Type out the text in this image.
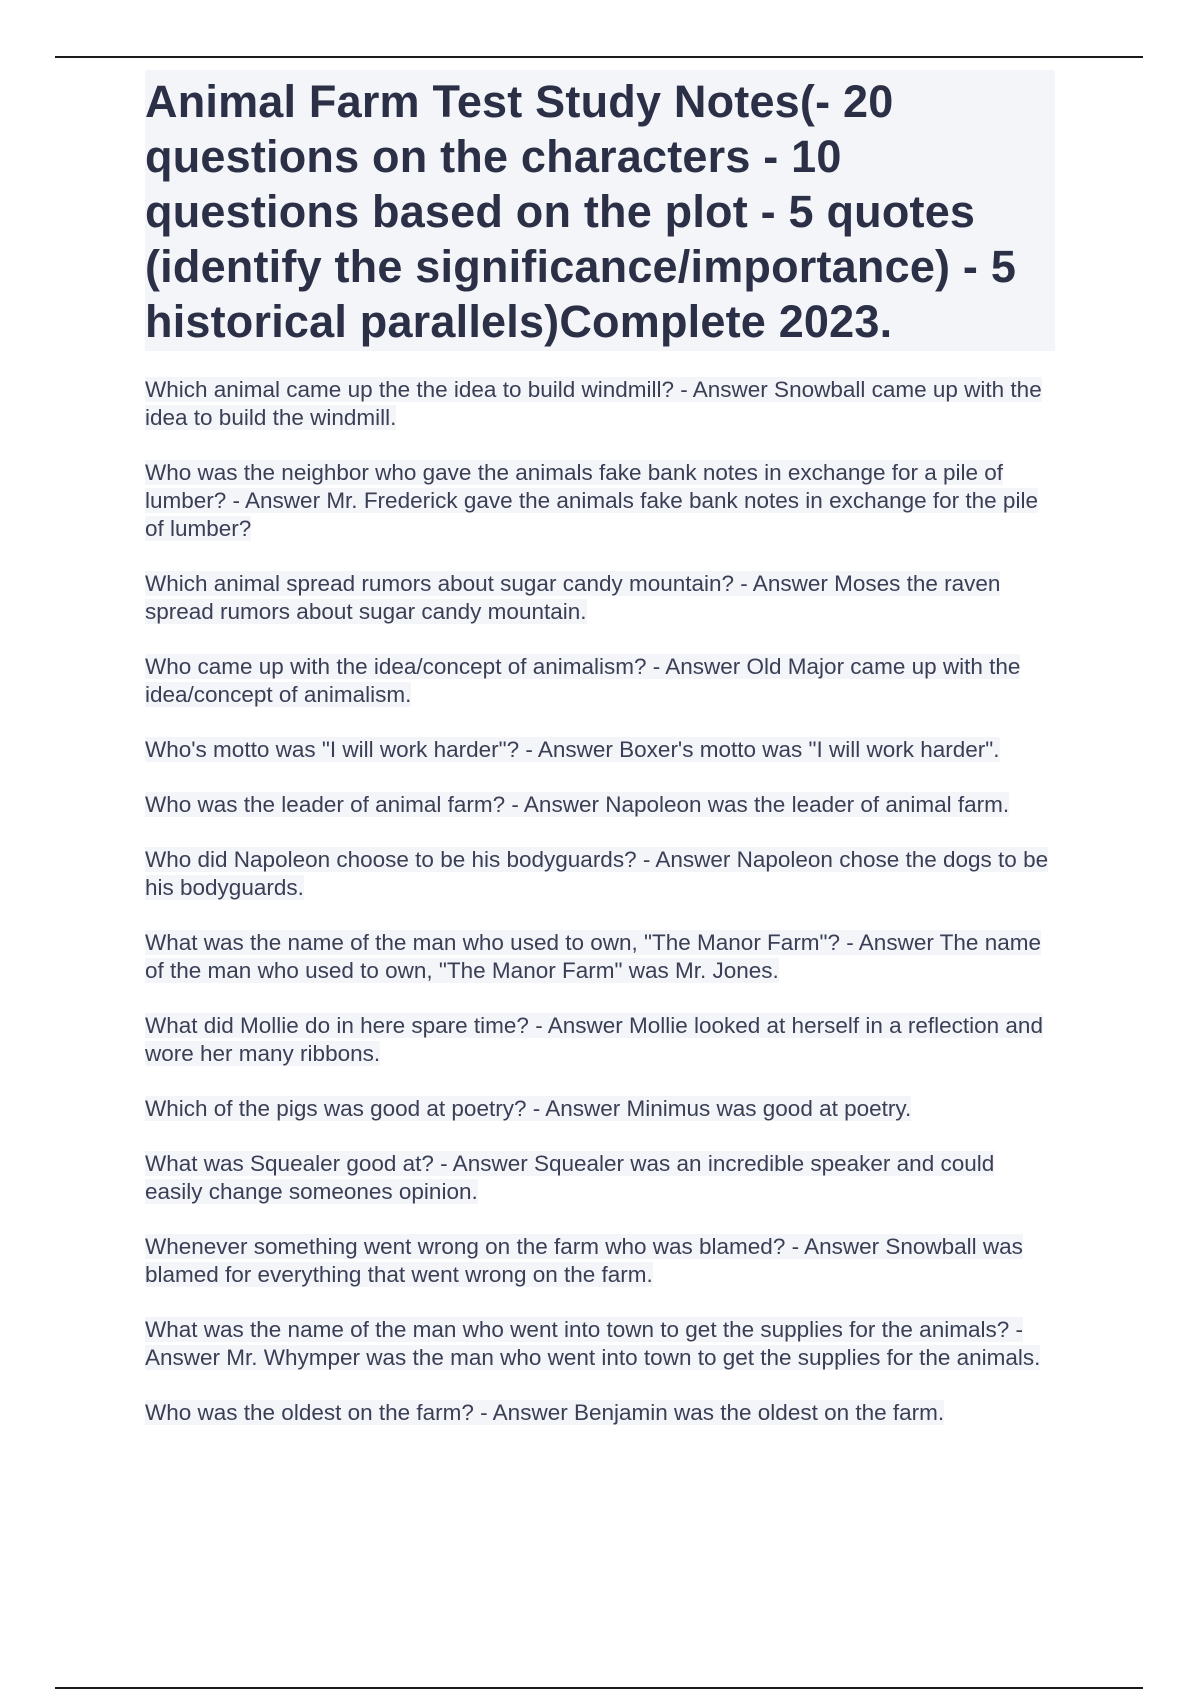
Animal Farm Test Study Notes(- 20 questions on the characters - 10 questions based on the plot - 5 quotes (identify the significance/importance) - 5 historical parallels)Complete 2023.

Which animal came up the the idea to build windmill? - Answer Snowball came up with the idea to build the windmill.

Who was the neighbor who gave the animals fake bank notes in exchange for a pile of lumber? - Answer Mr. Frederick gave the animals fake bank notes in exchange for the pile of lumber?

Which animal spread rumors about sugar candy mountain? - Answer Moses the raven spread rumors about sugar candy mountain.

Who came up with the idea/concept of animalism? - Answer Old Major came up with the idea/concept of animalism.

Who's motto was "I will work harder"? - Answer Boxer's motto was "I will work harder".

Who was the leader of animal farm? - Answer Napoleon was the leader of animal farm.

Who did Napoleon choose to be his bodyguards? - Answer Napoleon chose the dogs to be his bodyguards.

What was the name of the man who used to own, "The Manor Farm"? - Answer The name of the man who used to own, "The Manor Farm" was Mr. Jones.

What did Mollie do in here spare time? - Answer Mollie looked at herself in a reflection and wore her many ribbons.

Which of the pigs was good at poetry? - Answer Minimus was good at poetry.

What was Squealer good at? - Answer Squealer was an incredible speaker and could easily change someones opinion.

Whenever something went wrong on the farm who was blamed? - Answer Snowball was blamed for everything that went wrong on the farm.

What was the name of the man who went into town to get the supplies for the animals? - Answer Mr. Whymper was the man who went into town to get the supplies for the animals.

Who was the oldest on the farm? - Answer Benjamin was the oldest on the farm.
